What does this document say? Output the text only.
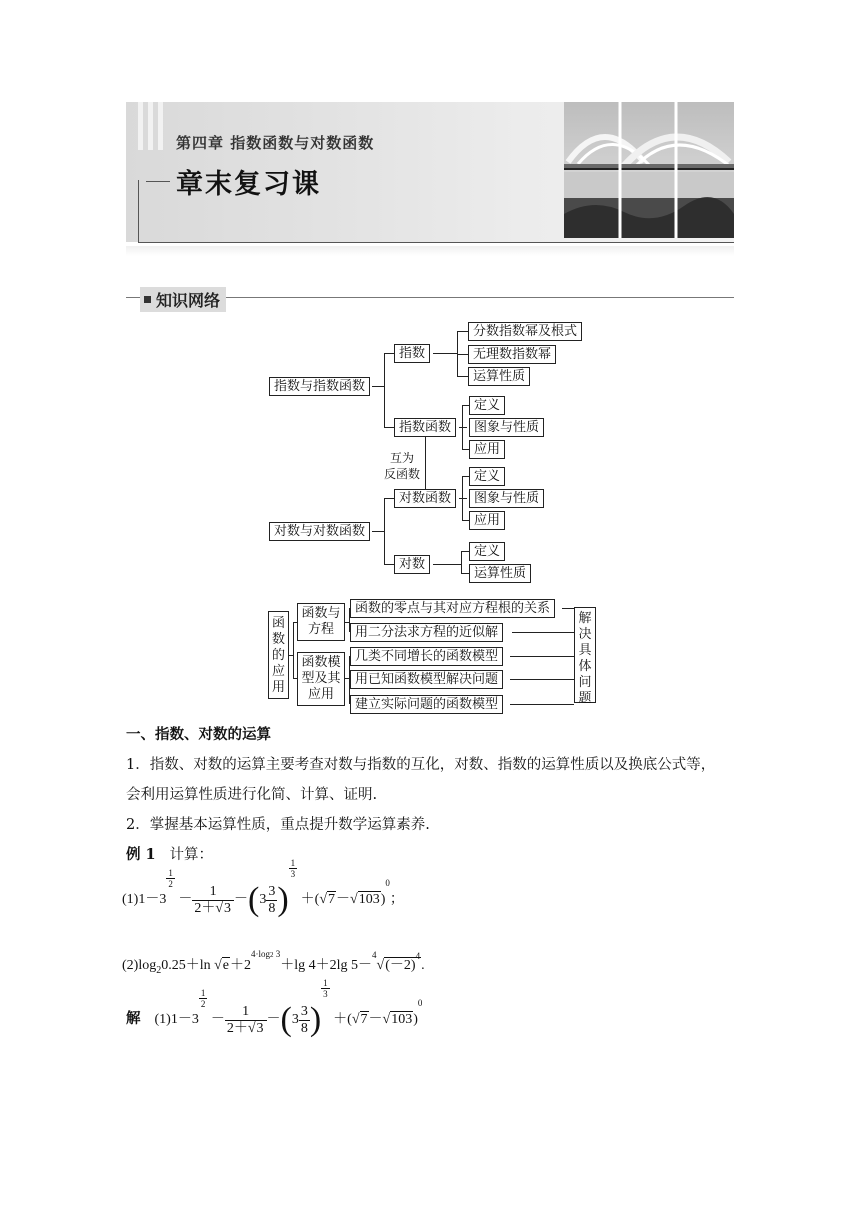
第四章 指数函数与对数函数
章末复习课
知识网络
指数与指数函数
指数
分数指数幂及根式
无理数指数幂
运算性质
指数函数
定义
图象与性质
应用
互为
反函数
对数函数
定义
图象与性质
应用
对数与对数函数
对数
定义
运算性质
函
数
的
应
用
函数与
方程
函数的零点与其对应方程根的关系
用二分法求方程的近似解
函数模
型及其
应用
几类不同增长的函数模型
用已知函数模型解决问题
建立实际问题的函数模型
解
决
具
体
问
题
一、指数、对数的运算
1．指数、对数的运算主要考查对数与指数的互化，对数、指数的运算性质以及换底公式等，
会利用运算性质进行化简、计算、证明.
2．掌握基本运算性质，重点提升数学运算素养.
例 1 计算：
(1)1－3
$^{\frac{1}{2}}$
－ $\frac{1}{2+√3} -(3 \frac{3}{8}$ )
$^{\frac{1}{3}}$
$+(√7-√103)^0$；
$(2)\log_20.25+\ln$ $√e+2^{4\cdot log2 3}+\lg$ 4＋2lg $5-^4√(-2)^4$.
解 (1)1－3
$^{\frac{1}{2}}$
－ $\frac{1}{2+√3} -(3 \frac{3}{8}$ )
$^{\frac{1}{3}}$
$+(√7-√103)^0$
